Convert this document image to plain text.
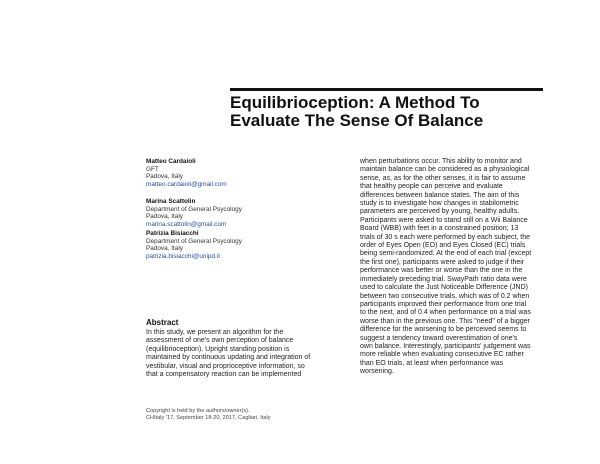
Equilibrioception: A Method To
Evaluate The Sense Of Balance
Matteo Cardaioli
GFT
Padova, Italy
matteo.cardaioli@gmail.com
Marina Scattolin
Department of General Psycology
Padova, Italy
marina.scattolin@gmail.com
Patrizia Bisiacchi
Department of General Psycology
Padova, Italy
patrizia.bisiacchi@unipd.it
Abstract
In this study, we present an algorithm for the
assessment of one's own perception of balance
(equilibrioception). Upright standing position is
maintained by continuous updating and integration of
vestibular, visual and proprioceptive information, so
that a compensatory reaction can be implemented
when perturbations occur. This ability to monitor and
maintain balance can be considered as a physiological
sense, as, as for the other senses, it is fair to assume
that healthy people can perceive and evaluate
differences between balance states. The aim of this
study is to investigate how changes in stabilometric
parameters are perceived by young, healthy adults.
Participants were asked to stand still on a Wii Balance
Board (WBB) with feet in a constrained position; 13
trials of 30 s each were performed by each subject, the
order of Eyes Open (EO) and Eyes Closed (EC) trials
being semi-randomized. At the end of each trial (except
the first one), participants were asked to judge if their
performance was better or worse than the one in the
immediately preceding trial. SwayPath ratio data were
used to calculate the Just Noticeable Difference (JND)
between two consecutive trials, which was of 0.2 when
participants improved their performance from one trial
to the next, and of 0.4 when performance on a trial was
worse than in the previous one. This "need" of a bigger
difference for the worsening to be perceived seems to
suggest a tendency toward overestimation of one's
own balance. Interestingly, participants' judgement was
more reliable when evaluating consecutive EC rather
than EO trials, at least when performance was
worsening.
Copyright is held by the authors/owner(s).
CHItaly '17, September 18-20, 2017, Cagliari, Italy
